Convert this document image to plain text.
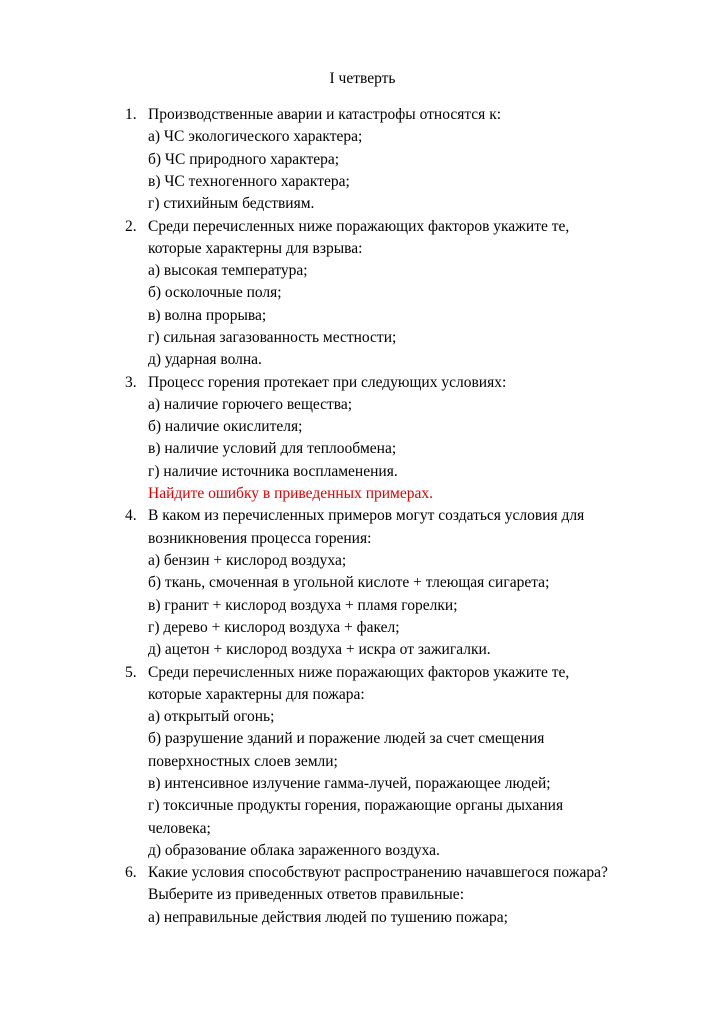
I четверть
1. Производственные аварии и катастрофы относятся к:
а) ЧС экологического характера;
б) ЧС природного характера;
в) ЧС техногенного характера;
г) стихийным бедствиям.
2. Среди перечисленных ниже поражающих факторов укажите те,
которые характерны для взрыва:
а) высокая температура;
б) осколочные поля;
в) волна прорыва;
г) сильная загазованность местности;
д) ударная волна.
3. Процесс горения протекает при следующих условиях:
а) наличие горючего вещества;
б) наличие окислителя;
в) наличие условий для теплообмена;
г) наличие источника воспламенения.
Найдите ошибку в приведенных примерах.
4. В каком из перечисленных примеров могут создаться условия для
возникновения процесса горения:
а) бензин + кислород воздуха;
б) ткань, смоченная в угольной кислоте + тлеющая сигарета;
в) гранит + кислород воздуха + пламя горелки;
г) дерево + кислород воздуха + факел;
д) ацетон + кислород воздуха + искра от зажигалки.
5. Среди перечисленных ниже поражающих факторов укажите те,
которые характерны для пожара:
а) открытый огонь;
б) разрушение зданий и поражение людей за счет смещения
поверхностных слоев земли;
в) интенсивное излучение гамма-лучей, поражающее людей;
г) токсичные продукты горения, поражающие органы дыхания
человека;
д) образование облака зараженного воздуха.
6. Какие условия способствуют распространению начавшегося пожара?
Выберите из приведенных ответов правильные:
а) неправильные действия людей по тушению пожара;
